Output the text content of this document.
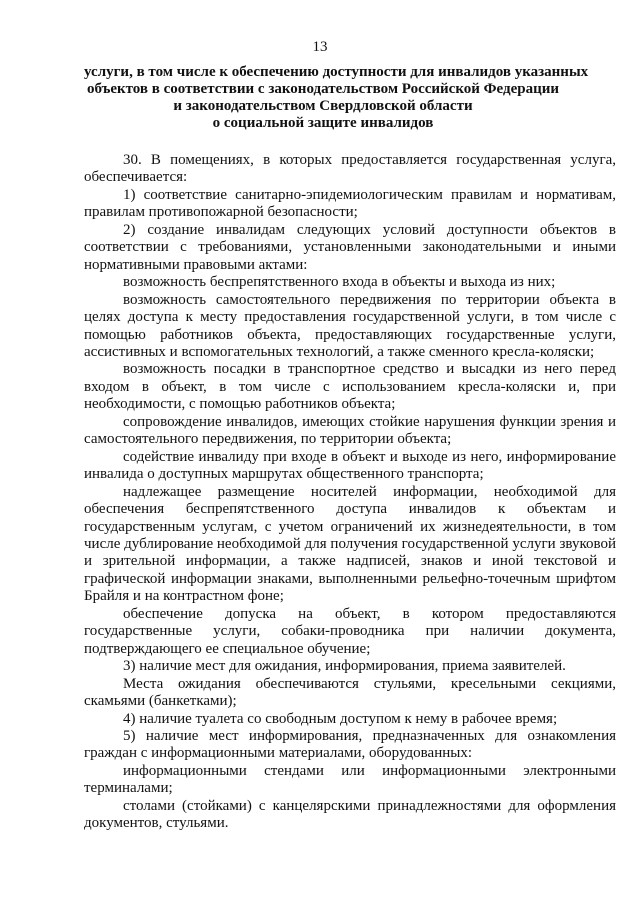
13
услуги, в том числе к обеспечению доступности для инвалидов указанных
объектов в соответствии с законодательством Российской Федерации
и законодательством Свердловской области
о социальной защите инвалидов

30. В помещениях, в которых предоставляется государственная услуга, обеспечивается:

1) соответствие санитарно-эпидемиологическим правилам и нормативам, правилам противопожарной безопасности;

2) создание инвалидам следующих условий доступности объектов в соответствии с требованиями, установленными законодательными и иными нормативными правовыми актами:

возможность беспрепятственного входа в объекты и выхода из них;

возможность самостоятельного передвижения по территории объекта в целях доступа к месту предоставления государственной услуги, в том числе с помощью работников объекта, предоставляющих государственные услуги, ассистивных и вспомогательных технологий, а также сменного кресла-коляски;

возможность посадки в транспортное средство и высадки из него перед входом в объект, в том числе с использованием кресла-коляски и, при необходимости, с помощью работников объекта;

сопровождение инвалидов, имеющих стойкие нарушения функции зрения и самостоятельного передвижения, по территории объекта;

содействие инвалиду при входе в объект и выходе из него, информирование инвалида о доступных маршрутах общественного транспорта;

надлежащее размещение носителей информации, необходимой для обеспечения беспрепятственного доступа инвалидов к объектам и государственным услугам, с учетом ограничений их жизнедеятельности, в том числе дублирование необходимой для получения государственной услуги звуковой и зрительной информации, а также надписей, знаков и иной текстовой и графической информации знаками, выполненными рельефно-точечным шрифтом Брайля и на контрастном фоне;

обеспечение допуска на объект, в котором предоставляются государственные услуги, собаки-проводника при наличии документа, подтверждающего ее специальное обучение;

3) наличие мест для ожидания, информирования, приема заявителей.

Места ожидания обеспечиваются стульями, кресельными секциями, скамьями (банкетками);

4) наличие туалета со свободным доступом к нему в рабочее время;

5) наличие мест информирования, предназначенных для ознакомления граждан с информационными материалами, оборудованных:

информационными стендами или информационными электронными терминалами;

столами (стойками) с канцелярскими принадлежностями для оформления документов, стульями.
